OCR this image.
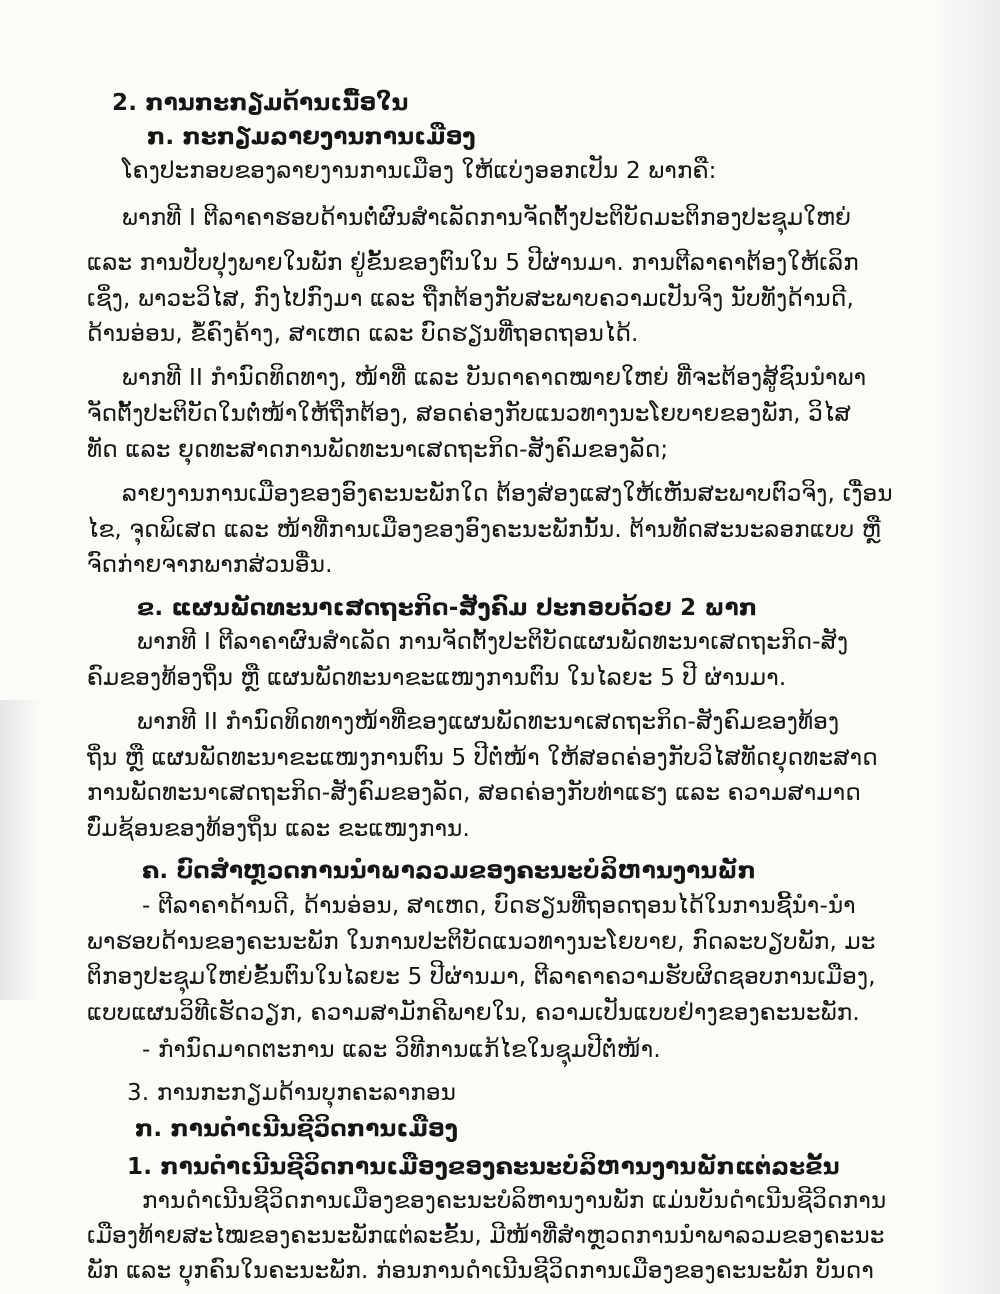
2. ການກະກຽມດ້ານເນື້ອໃນ
ກ. ກະກຽມລາຍງານການເມືອງ
ໂຄງປະກອບຂອງລາຍງານການເມືອງ ໃຫ້ແບ່ງອອກເປັນ 2 ພາກຄື:
ພາກທີ I ຕີລາຄາຮອບດ້ານຕໍ່ຜົນສຳເລັດການຈັດຕັ້ງປະຕິບັດມະຕິກອງປະຊຸມໃຫຍ່
ແລະ ການປັບປຸງພາຍໃນພັກ ຢູ່ຂັ້ນຂອງຕົນໃນ 5 ປີຜ່ານມາ. ການຕີລາຄາຕ້ອງໃຫ້ເລິກ
ເຊິ່ງ, ພາວະວິໄສ, ກົງໄປກົງມາ ແລະ ຖືກຕ້ອງກັບສະພາບຄວາມເປັນຈິງ ນັບທັງດ້ານດີ,
ດ້ານອ່ອນ, ຂໍ້ຄົງຄ້າງ, ສາເຫດ ແລະ ບົດຮຽນທີ່ຖອດຖອນໄດ້.
ພາກທີ II ກຳນົດທິດທາງ, ໜ້າທີ່ ແລະ ບັນດາຄາດໝາຍໃຫຍ່ ທີ່ຈະຕ້ອງສູ້ຊົນນຳພາ
ຈັດຕັ້ງປະຕິບັດໃນຕໍ່ໜ້າໃຫ້ຖືກຕ້ອງ, ສອດຄ່ອງກັບແນວທາງນະໂຍບາຍຂອງພັກ, ວິໄສ
ທັດ ແລະ ຍຸດທະສາດການພັດທະນາເສດຖະກິດ-ສັງຄົມຂອງລັດ;
ລາຍງານການເມືອງຂອງອົງຄະນະພັກໃດ ຕ້ອງສ່ອງແສງໃຫ້ເຫັນສະພາບຕົວຈິງ, ເງື່ອນ
ໄຂ, ຈຸດພິເສດ ແລະ ໜ້າທີ່ການເມືອງຂອງອົງຄະນະພັກນັ້ນ. ຕ້ານທັດສະນະລອກແບບ ຫຼື
ຈົດກ່າຍຈາກພາກສ່ວນອື່ນ.
ຂ. ແຜນພັດທະນາເສດຖະກິດ-ສັງຄົມ ປະກອບດ້ວຍ 2 ພາກ
ພາກທີ I ຕີລາຄາຜົນສຳເລັດ ການຈັດຕັ້ງປະຕິບັດແຜນພັດທະນາເສດຖະກິດ-ສັງ
ຄົມຂອງທ້ອງຖິ່ນ ຫຼື ແຜນພັດທະນາຂະແໜງການຕົນ ໃນໄລຍະ 5 ປີ ຜ່ານມາ.
ພາກທີ II ກຳນົດທິດທາງໜ້າທີ່ຂອງແຜນພັດທະນາເສດຖະກິດ-ສັງຄົມຂອງທ້ອງ
ຖິ່ນ ຫຼື ແຜນພັດທະນາຂະແໜງການຕົນ 5 ປີຕໍ່ໜ້າ ໃຫ້ສອດຄ່ອງກັບວິໄສທັດຍຸດທະສາດ
ການພັດທະນາເສດຖະກິດ-ສັງຄົມຂອງລັດ, ສອດຄ່ອງກັບທ່າແຮງ ແລະ ຄວາມສາມາດ
ບົ່ມຊ້ອນຂອງທ້ອງຖິ່ນ ແລະ ຂະແໜງການ.
ຄ. ບົດສຳຫຼວດການນຳພາລວມຂອງຄະນະບໍລິຫານງານພັກ
- ຕີລາຄາດ້ານດີ, ດ້ານອ່ອນ, ສາເຫດ, ບົດຮຽນທີ່ຖອດຖອນໄດ້ໃນການຊີ້ນຳ-ນຳ
ພາຮອບດ້ານຂອງຄະນະພັກ ໃນການປະຕິບັດແນວທາງນະໂຍບາຍ, ກົດລະບຽບພັກ, ມະ
ຕິກອງປະຊຸມໃຫຍ່ຂັ້ນຕົນໃນໄລຍະ 5 ປີຜ່ານມາ, ຕີລາຄາຄວາມຮັບຜິດຊອບການເມືອງ,
ແບບແຜນວິທີເຮັດວຽກ, ຄວາມສາມັກຄີພາຍໃນ, ຄວາມເປັນແບບຢ່າງຂອງຄະນະພັກ.
- ກຳນົດມາດຕະການ ແລະ ວິທີການແກ້ໄຂໃນຊຸມປີຕໍ່ໜ້າ.
3. ການກະກຽມດ້ານບຸກຄະລາກອນ
ກ. ການດຳເນີນຊີວິດການເມືອງ
1. ການດຳເນີນຊີວິດການເມືອງຂອງຄະນະບໍລິຫານງານພັກແຕ່ລະຂັ້ນ
ການດຳເນີນຊີວິດການເມືອງຂອງຄະນະບໍລິຫານງານພັກ ແມ່ນບັນດຳເນີນຊີວິດການ
ເມືອງທ້າຍສະໄໝຂອງຄະນະພັກແຕ່ລະຂັ້ນ, ມີໜ້າທີ່ສຳຫຼວດການນຳພາລວມຂອງຄະນະ
ພັກ ແລະ ບຸກຄົນໃນຄະນະພັກ. ກ່ອນການດຳເນີນຊີວິດການເມືອງຂອງຄະນະພັກ ບັນດາ
